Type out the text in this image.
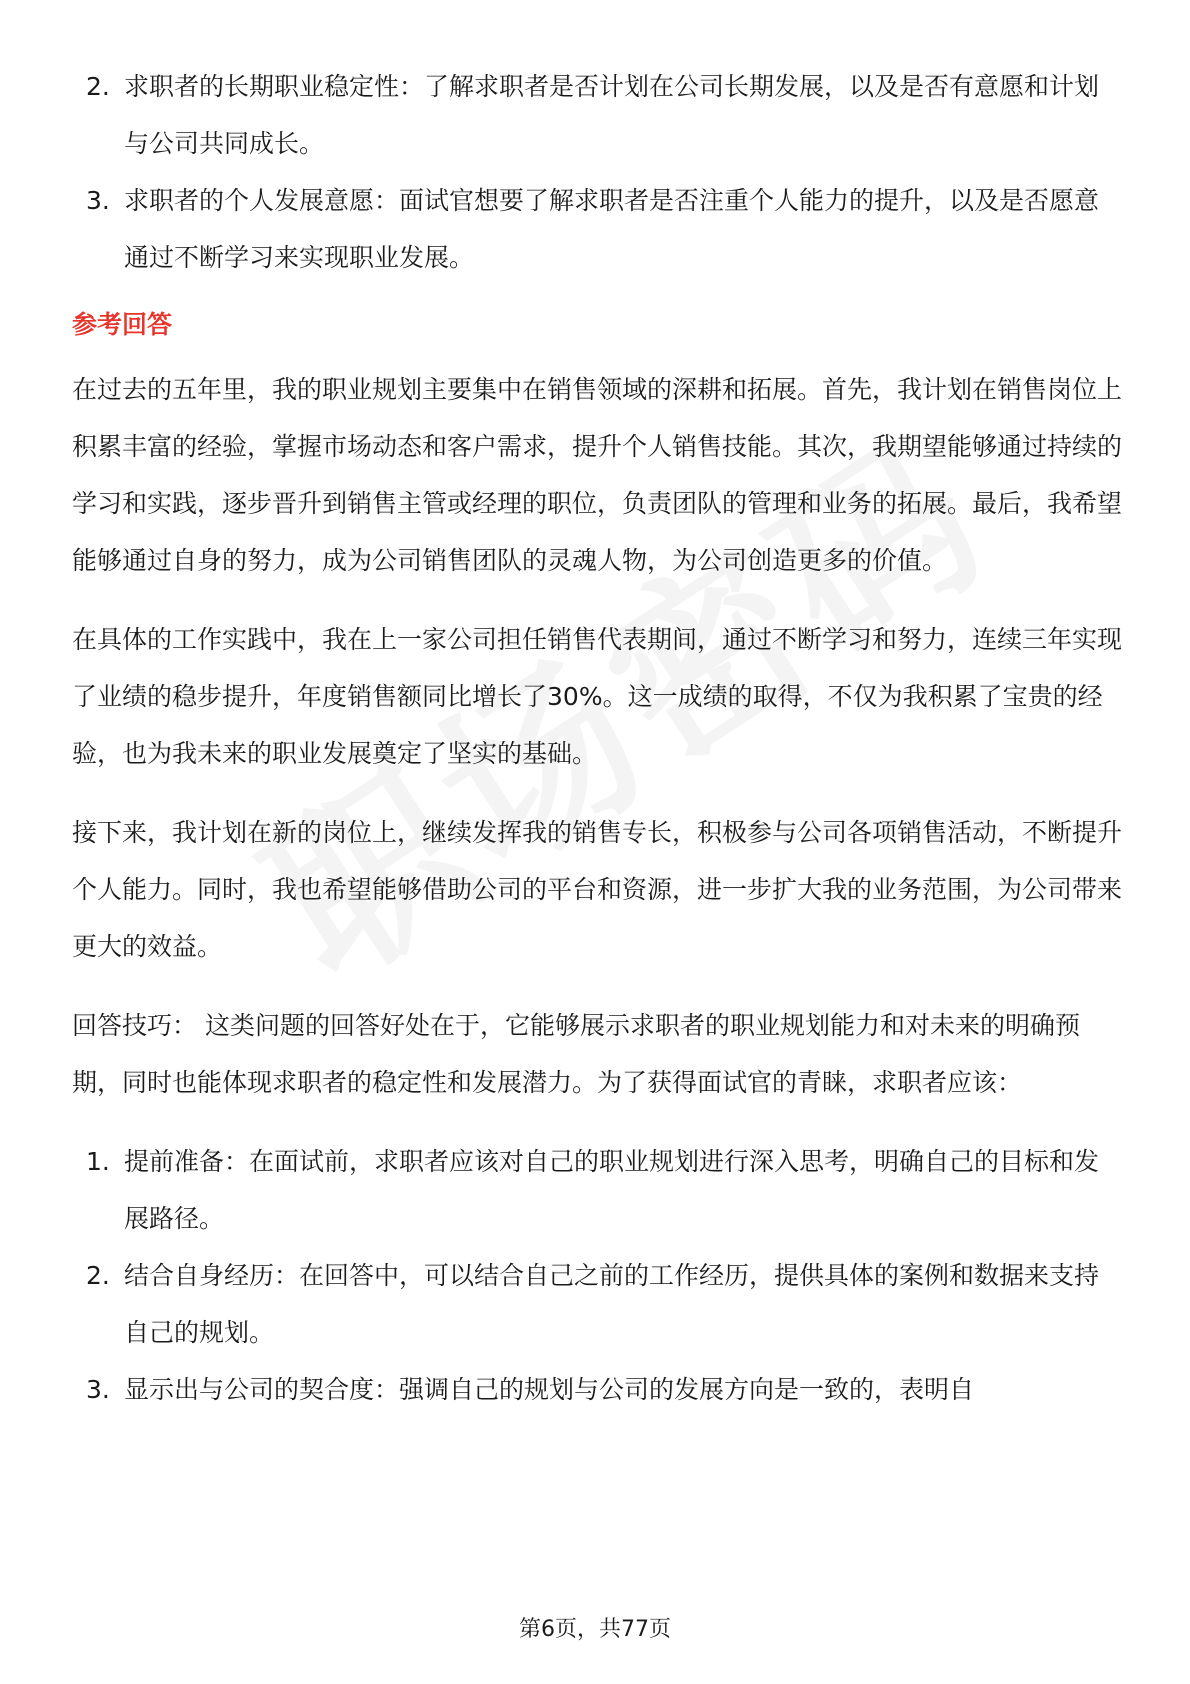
2. 求职者的长期职业稳定性：了解求职者是否计划在公司长期发展，以及是否有意愿和计划与公司共同成长。
3. 求职者的个人发展意愿：面试官想要了解求职者是否注重个人能力的提升，以及是否愿意通过不断学习来实现职业发展。
参考回答

在过去的五年里，我的职业规划主要集中在销售领域的深耕和拓展。首先，我计划在销售岗位上积累丰富的经验，掌握市场动态和客户需求，提升个人销售技能。其次，我期望能够通过持续的学习和实践，逐步晋升到销售主管或经理的职位，负责团队的管理和业务的拓展。最后，我希望能够通过自身的努力，成为公司销售团队的灵魂人物，为公司创造更多的价值。

在具体的工作实践中，我在上一家公司担任销售代表期间，通过不断学习和努力，连续三年实现了业绩的稳步提升，年度销售额同比增长了30%。这一成绩的取得，不仅为我积累了宝贵的经验，也为我未来的职业发展奠定了坚实的基础。

接下来，我计划在新的岗位上，继续发挥我的销售专长，积极参与公司各项销售活动，不断提升个人能力。同时，我也希望能够借助公司的平台和资源，进一步扩大我的业务范围，为公司带来更大的效益。

回答技巧： 这类问题的回答好处在于，它能够展示求职者的职业规划能力和对未来的明确预期，同时也能体现求职者的稳定性和发展潜力。为了获得面试官的青睐，求职者应该：

1. 提前准备：在面试前，求职者应该对自己的职业规划进行深入思考，明确自己的目标和发展路径。
2. 结合自身经历：在回答中，可以结合自己之前的工作经历，提供具体的案例和数据来支持自己的规划。
3. 显示出与公司的契合度：强调自己的规划与公司的发展方向是一致的，表明自
第6页，共77页
